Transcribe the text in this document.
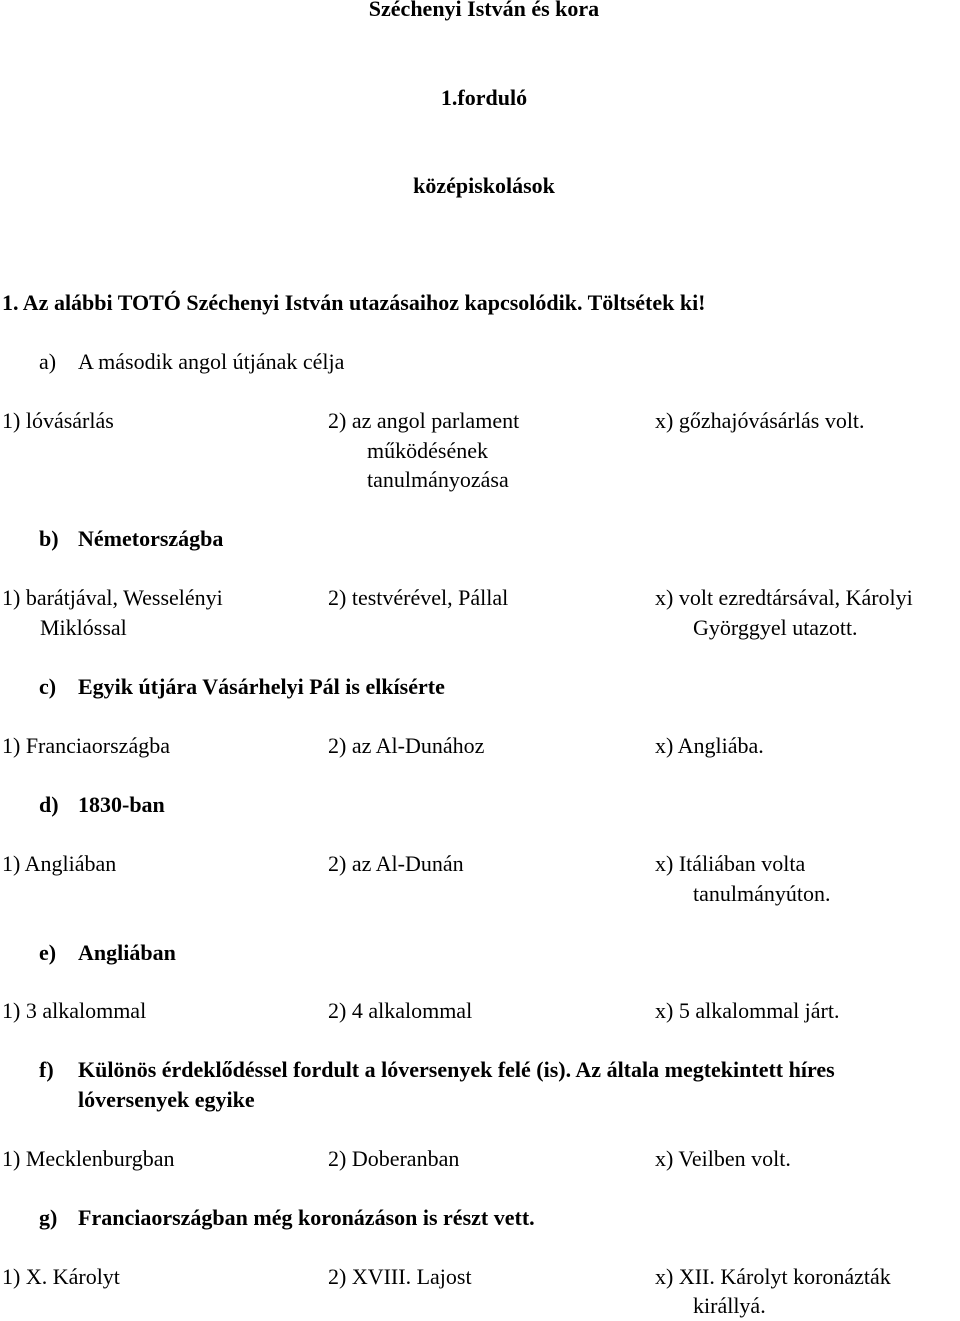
Széchenyi István és kora
1.forduló
középiskolások
1. Az alábbi TOTÓ Széchenyi István utazásaihoz kapcsolódik. Töltsétek ki!
a) A második angol útjának célja
1) lóvásárlás	2) az angol parlament
működésének
tanulmányozása
x) gőzhajóvásárlás volt.
b) Németországba
1) barátjával, Wesselényi
Miklóssal
2) testvérével, Pállal	x) volt ezredtársával, Károlyi
Györggyel utazott.
c) Egyik útjára Vásárhelyi Pál is elkísérte
1) Franciaországba	2) az Al-Dunához	x) Angliába.
d) 1830-ban
1) Angliában	2) az Al-Dunán	x) Itáliában volta
tanulmányúton.
e) Angliában
1) 3 alkalommal	2) 4 alkalommal	x) 5 alkalommal járt.
f) Különös érdeklődéssel fordult a lóversenyek felé (is). Az általa megtekintett híres
lóversenyek egyike
1) Mecklenburgban	2) Doberanban	x) Veilben volt.
g) Franciaországban még koronázáson is részt vett.
1) X. Károlyt	2) XVIII. Lajost	x) XII. Károlyt koronázták
királlyá.
